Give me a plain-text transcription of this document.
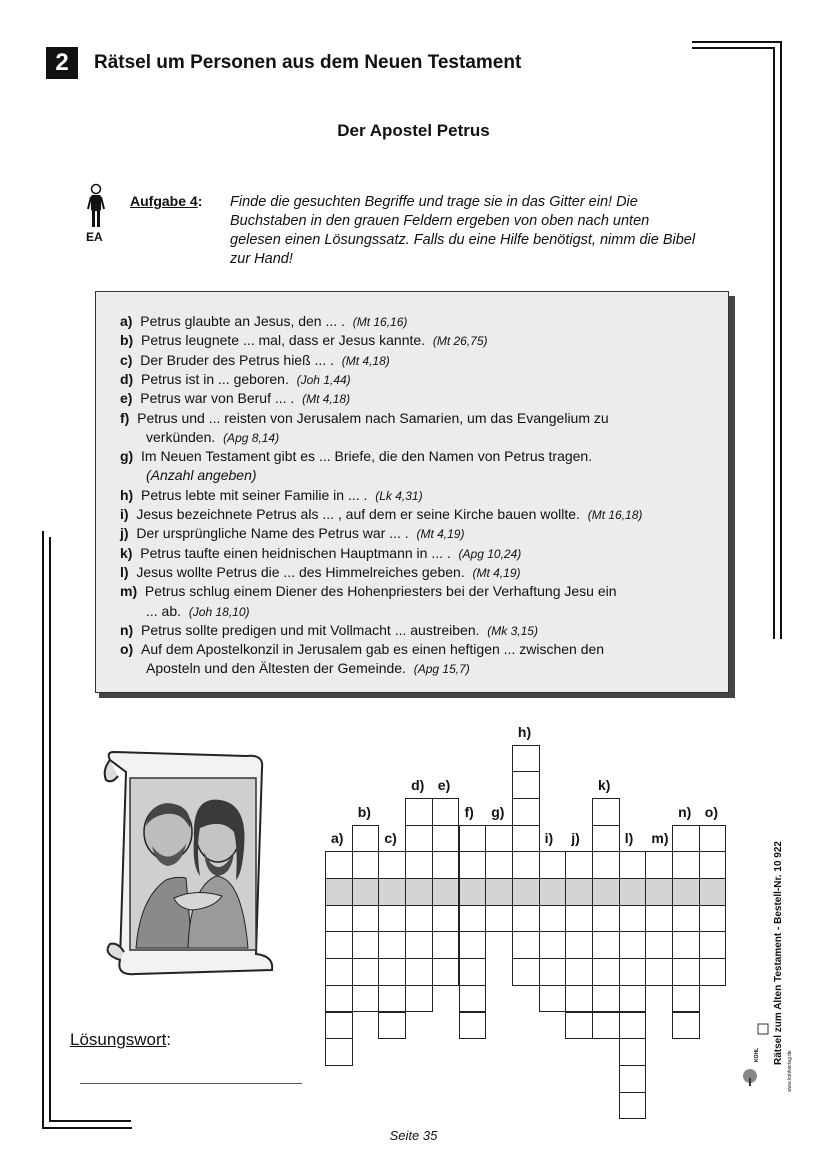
2	Rätsel um Personen aus dem Neuen Testament
Der Apostel Petrus
EA
Aufgabe 4: Finde die gesuchten Begriffe und trage sie in das Gitter ein! Die Buchstaben in den grauen Feldern ergeben von oben nach unten gelesen einen Lösungssatz. Falls du eine Hilfe benötigst, nimm die Bibel zur Hand!
a) Petrus glaubte an Jesus, den ... . (Mt 16,16)
b) Petrus leugnete ... mal, dass er Jesus kannte. (Mt 26,75)
c) Der Bruder des Petrus hieß ... . (Mt 4,18)
d) Petrus ist in ... geboren. (Joh 1,44)
e) Petrus war von Beruf ... . (Mt 4,18)
f) Petrus und ... reisten von Jerusalem nach Samarien, um das Evangelium zu
verkünden. (Apg 8,14)
g) Im Neuen Testament gibt es ... Briefe, die den Namen von Petrus tragen.
(Anzahl angeben)
h) Petrus lebte mit seiner Familie in ... . (Lk 4,31)
i) Jesus bezeichnete Petrus als ... , auf dem er seine Kirche bauen wollte. (Mt 16,18)
j) Der ursprüngliche Name des Petrus war ... . (Mt 4,19)
k) Petrus taufte einen heidnischen Hauptmann in ... . (Apg 10,24)
l) Jesus wollte Petrus die ... des Himmelreiches geben. (Mt 4,19)
m) Petrus schlug einem Diener des Hohenpriesters bei der Verhaftung Jesu ein
... ab. (Joh 18,10)
n) Petrus sollte predigen und mit Vollmacht ... austreiben. (Mk 3,15)
o) Auf dem Apostelkonzil in Jerusalem gab es einen heftigen ... zwischen den
Aposteln und den Ältesten der Gemeinde. (Apg 15,7)
Lösungswort:
a)
b)
c)
d) e)
f) g)
h)
i) j)
k)
l) m)
n) o)
Seite 35
Rätsel zum Alten Testament - Bestell-Nr. 10 922
www.kohlverlag.de
KOHL
